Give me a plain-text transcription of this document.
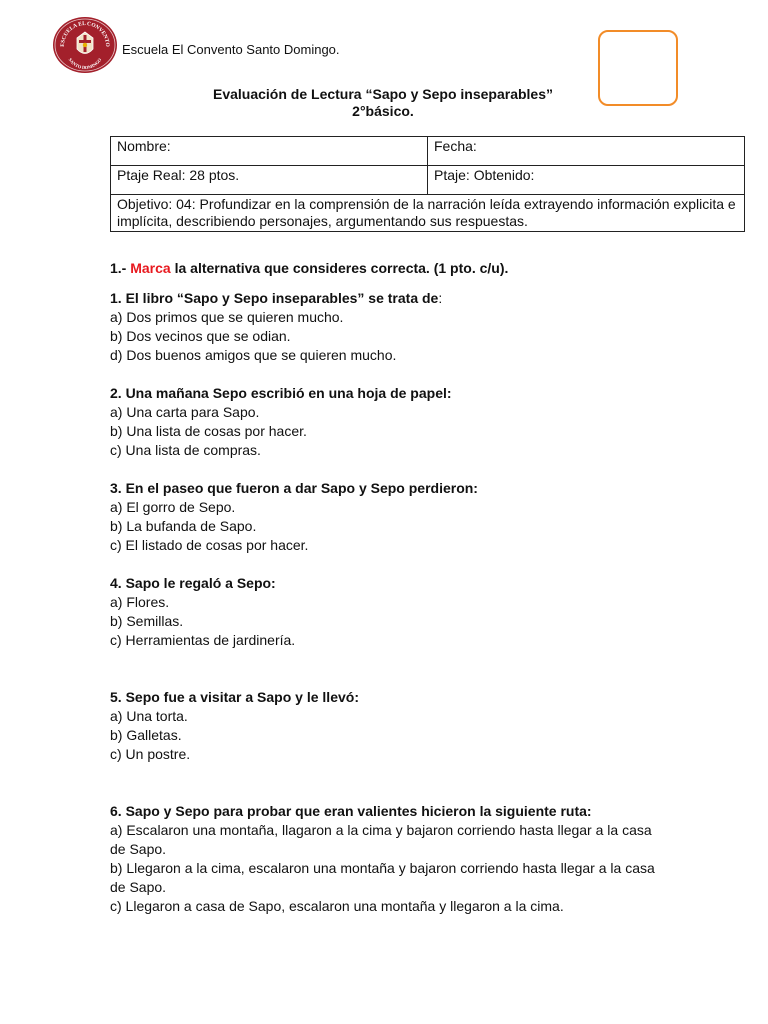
ESCUELA EL CONVENTO
SANTO DOMINGO
Escuela El Convento Santo Domingo.
Evaluación de Lectura “Sapo y Sepo inseparables”
2°básico.
Nombre:	Fecha:
Ptaje Real: 28 ptos.	Ptaje: Obtenido:
Objetivo: 04: Profundizar en la comprensión de la narración leída extrayendo información explicita e implícita, describiendo personajes, argumentando sus respuestas.	
1.- Marca la alternativa que consideres correcta. (1 pto. c/u).
1. El libro “Sapo y Sepo inseparables” se trata de:
a) Dos primos que se quieren mucho.
b) Dos vecinos que se odian.
d) Dos buenos amigos que se quieren mucho.
2. Una mañana Sepo escribió en una hoja de papel:
a) Una carta para Sapo.
b) Una lista de cosas por hacer.
c) Una lista de compras.
3. En el paseo que fueron a dar Sapo y Sepo perdieron:
a) El gorro de Sepo.
b) La bufanda de Sapo.
c) El listado de cosas por hacer.
4. Sapo le regaló a Sepo:
a) Flores.
b) Semillas.
c) Herramientas de jardinería.
5. Sepo fue a visitar a Sapo y le llevó:
a) Una torta.
b) Galletas.
c) Un postre.
6. Sapo y Sepo para probar que eran valientes hicieron la siguiente ruta:
a) Escalaron una montaña, llagaron a la cima y bajaron corriendo hasta llegar a la casa de Sapo.
b) Llegaron a la cima, escalaron una montaña y bajaron corriendo hasta llegar a la casa de Sapo.
c) Llegaron a casa de Sapo, escalaron una montaña y llegaron a la cima.
